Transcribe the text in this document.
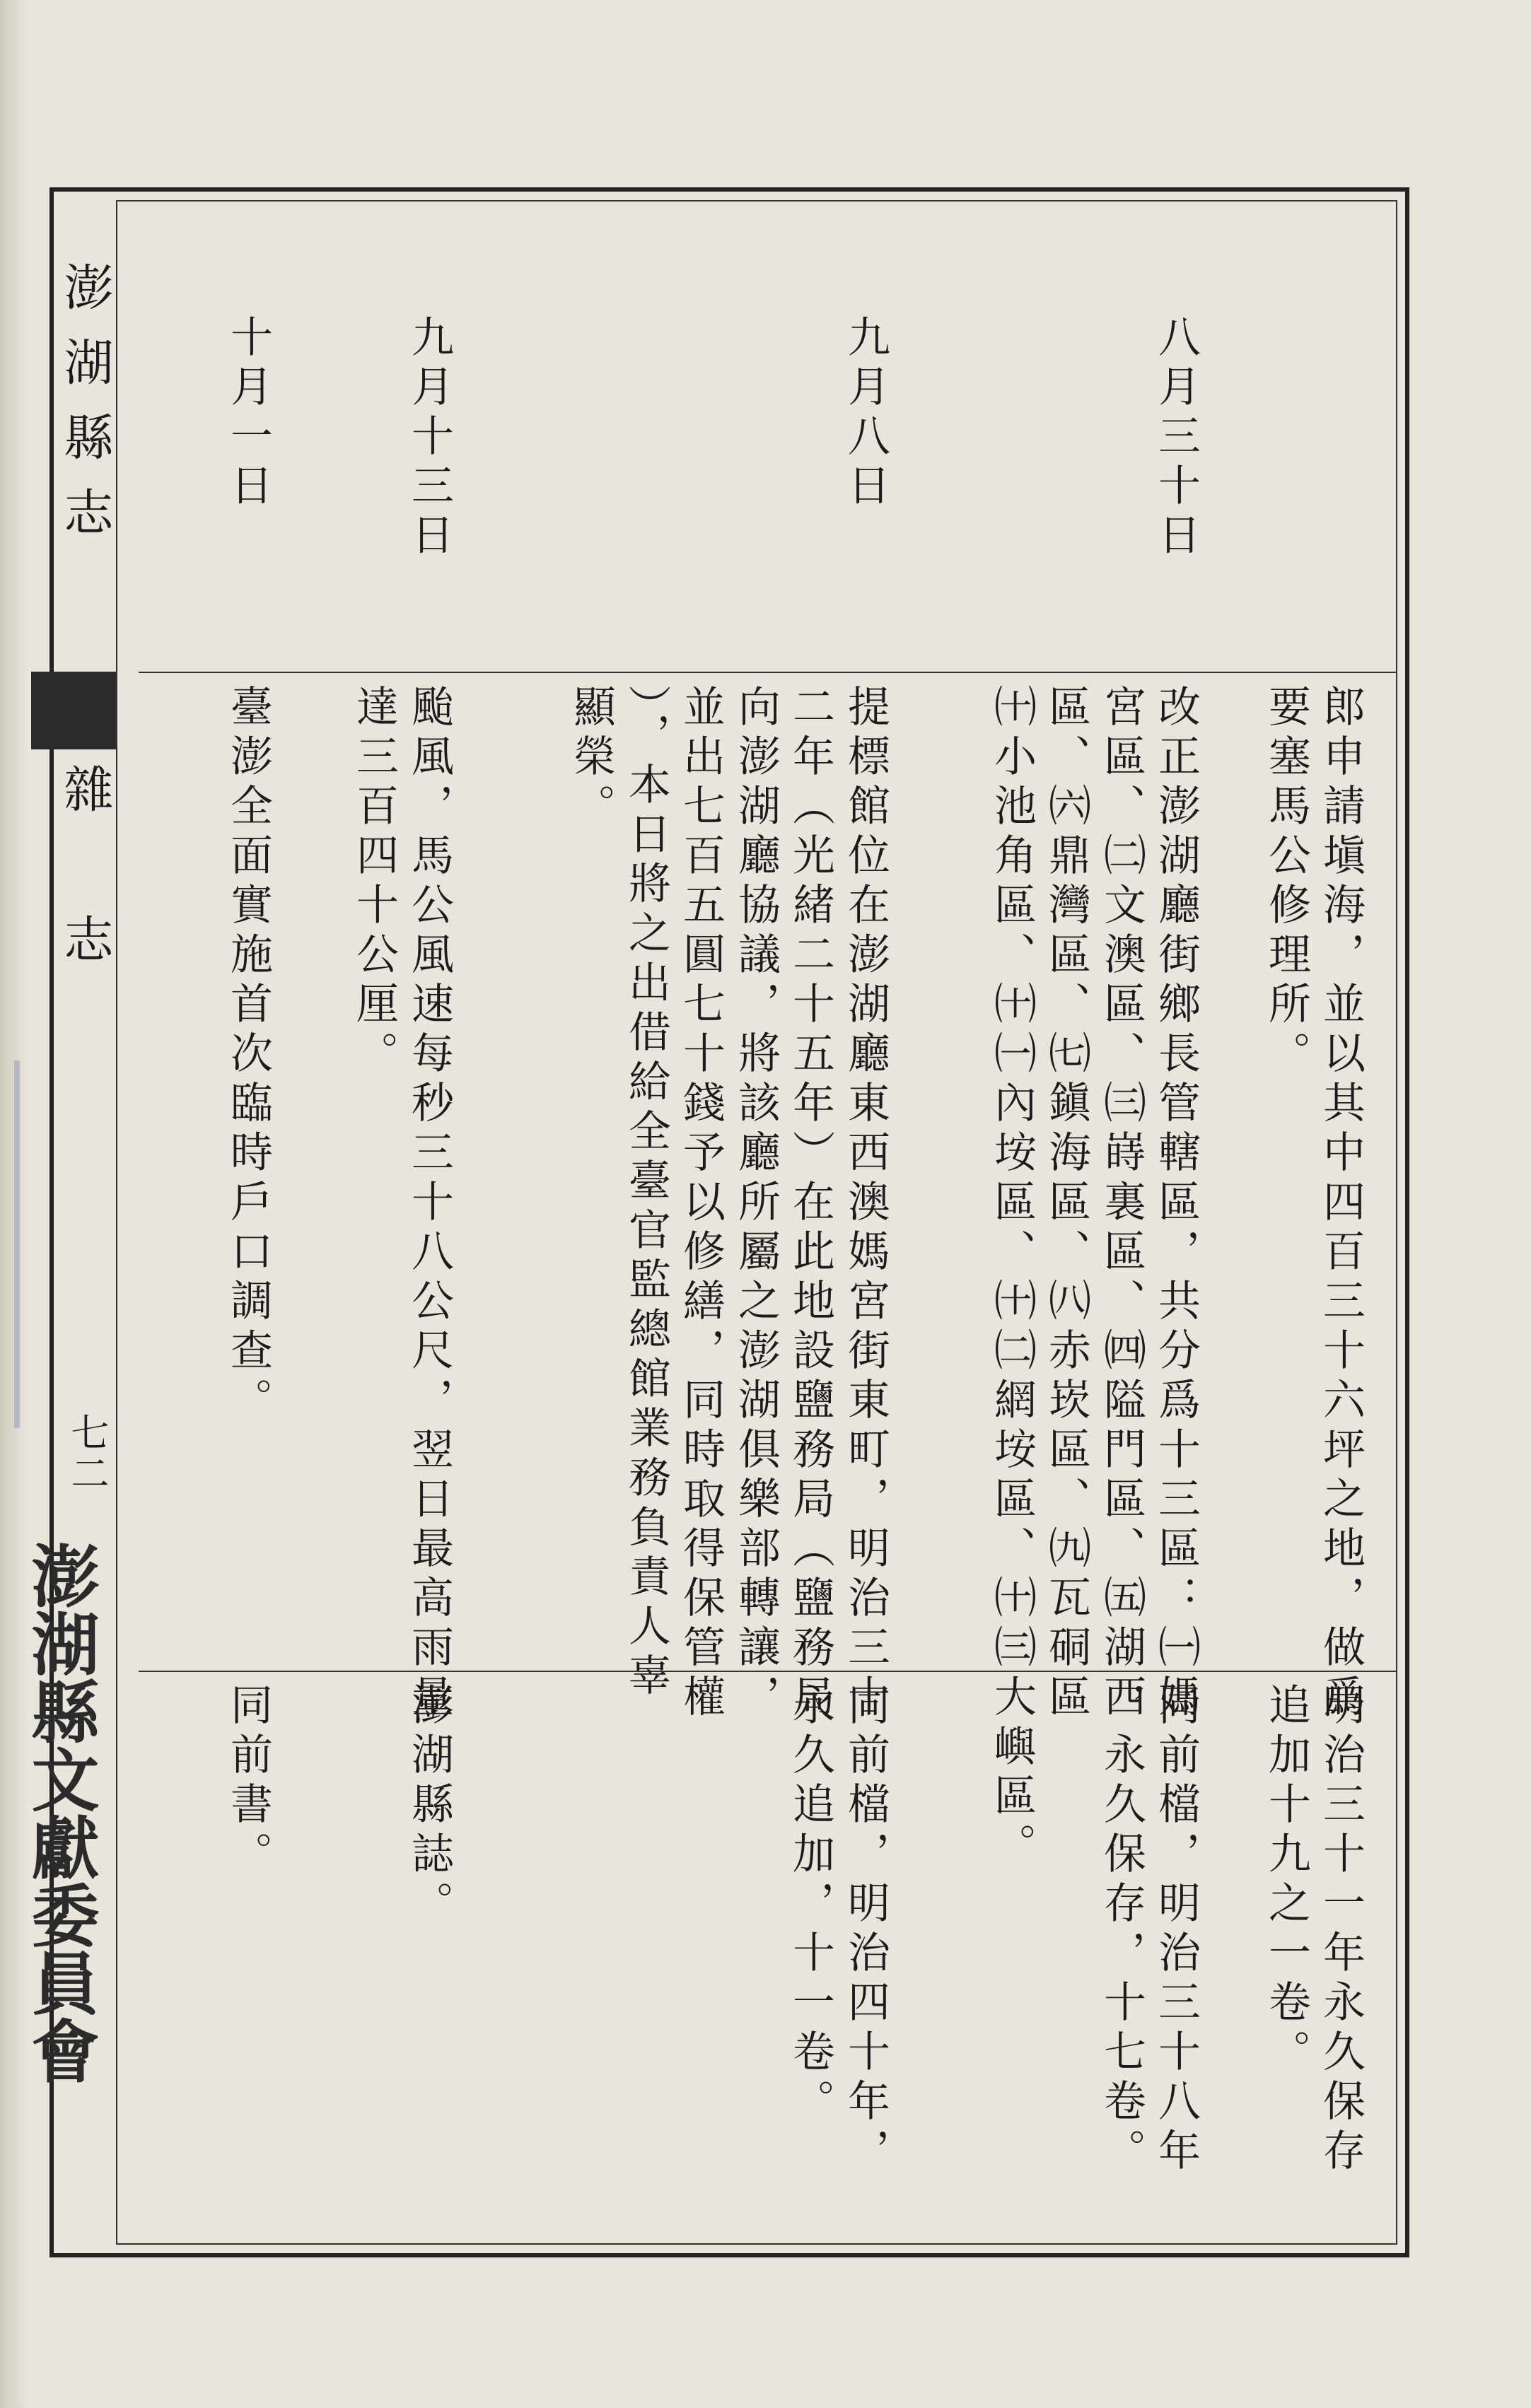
澎湖縣志
雜　志
七二
澎湖縣文獻委員會
八月三十日
郎申請塡海，並以其中四百三十六坪之地，做爲
要塞馬公修理所。
改正澎湖廳街鄉長管轄區，共分爲十三區：㈠媽
宮區、㈡文澳區、㈢嵵裏區、㈣隘門區、㈤湖西
區、㈥鼎灣區、㈦鎭海區、㈧赤崁區、㈨瓦硐區
㈩小池角區、㈩㈠內垵區、㈩㈡網垵區、㈩㈢大嶼區。
明治三十一年永久保存
追加十九之一卷。
同前檔，明治三十八年
，永久保存，十七卷。
九月八日
提標館位在澎湖廳東西澳媽宮街東町，明治三十
二年（光緒二十五年）在此地設鹽務局（鹽務局
向澎湖廳協議，將該廳所屬之澎湖俱樂部轉讓，
並出七百五圓七十錢予以修繕，同時取得保管權
），本日將之出借給全臺官監總館業務負責人辜
顯榮。
同前檔，明治四十年，
永久追加，十一卷。
九月十三日
颱風，馬公風速每秒三十八公尺，翌日最高雨量
達三百四十公厘。
澎湖縣誌。
十月一日
臺澎全面實施首次臨時戶口調查。
同前書。
